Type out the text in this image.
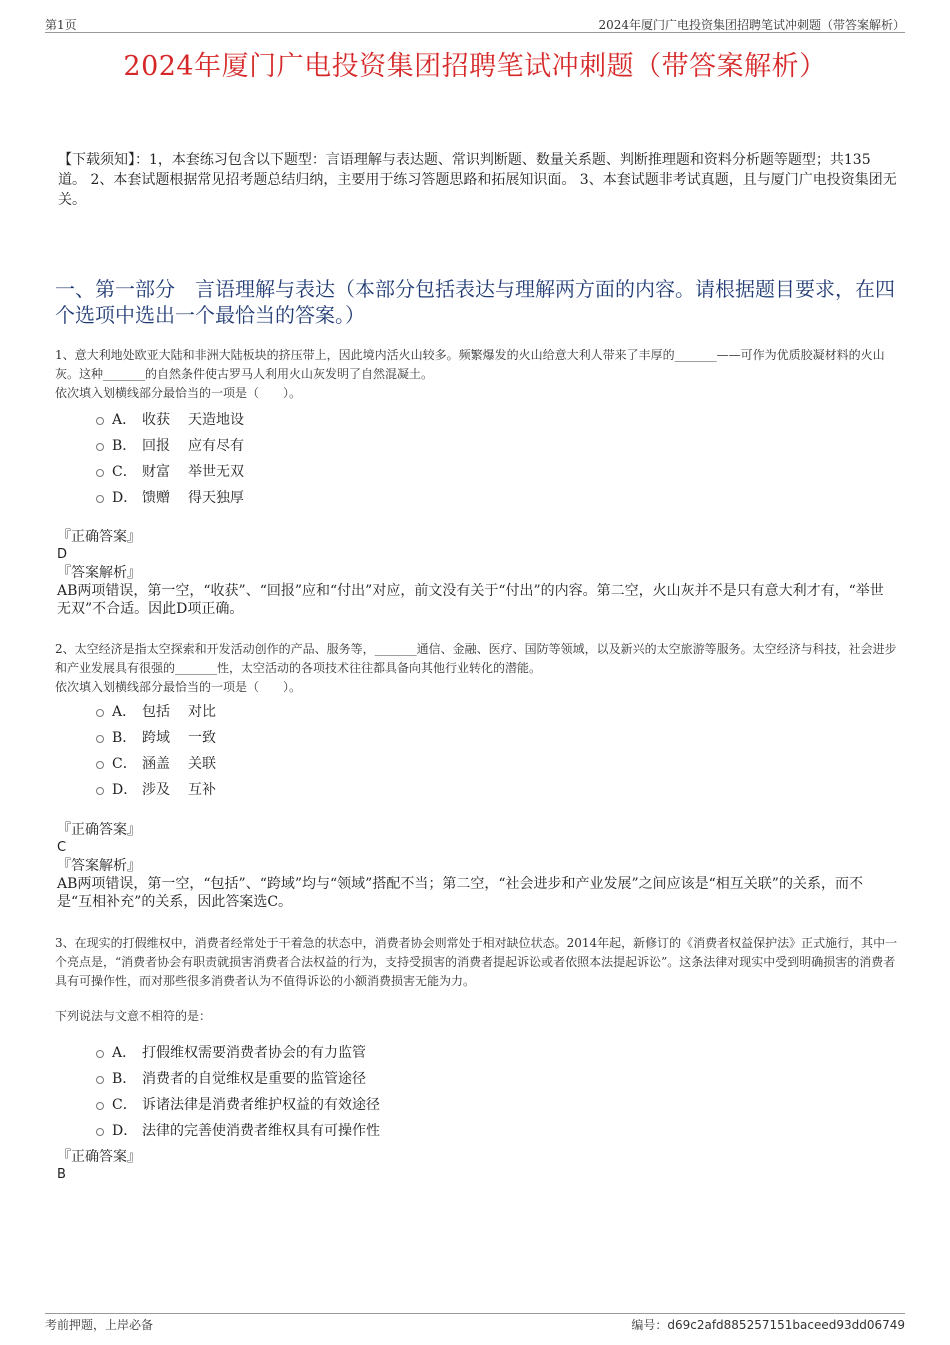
第1页	2024年厦门广电投资集团招聘笔试冲刺题（带答案解析）
2024年厦门广电投资集团招聘笔试冲刺题（带答案解析）
【下载须知】：1，本套练习包含以下题型：言语理解与表达题、常识判断题、数量关系题、判断推理题和资料分析题等题型；共135道。 2、本套试题根据常见招考题总结归纳，主要用于练习答题思路和拓展知识面。 3、本套试题非考试真题，且与厦门广电投资集团无关。
一、第一部分　言语理解与表达（本部分包括表达与理解两方面的内容。请根据题目要求，在四个选项中选出一个最恰当的答案。）
1、意大利地处欧亚大陆和非洲大陆板块的挤压带上，因此境内活火山较多。频繁爆发的火山给意大利人带来了丰厚的_______——可作为优质胶凝材料的火山灰。这种_______的自然条件使古罗马人利用火山灰发明了自然混凝土。
依次填入划横线部分最恰当的一项是（　　）。
A． 收获	天造地设
B． 回报	应有尽有
C． 财富	举世无双
D． 馈赠	得天独厚
『正确答案』
D
『答案解析』
AB两项错误，第一空，“收获”、“回报”应和“付出”对应，前文没有关于“付出”的内容。第二空，火山灰并不是只有意大利才有，“举世无双”不合适。因此D项正确。
2、太空经济是指太空探索和开发活动创作的产品、服务等，_______通信、金融、医疗、国防等领域，以及新兴的太空旅游等服务。太空经济与科技，社会进步和产业发展具有很强的_______性，太空活动的各项技术往往都具备向其他行业转化的潜能。
依次填入划横线部分最恰当的一项是（　　）。
A． 包括	对比
B． 跨域	一致
C． 涵盖	关联
D． 涉及	互补
『正确答案』
C
『答案解析』
AB两项错误，第一空，“包括”、“跨域”均与“领域”搭配不当；第二空，“社会进步和产业发展”之间应该是“相互关联”的关系，而不是“互相补充”的关系，因此答案选C。
3、在现实的打假维权中，消费者经常处于干着急的状态中，消费者协会则常处于相对缺位状态。2014年起，新修订的《消费者权益保护法》正式施行，其中一个亮点是，“消费者协会有职责就损害消费者合法权益的行为，支持受损害的消费者提起诉讼或者依照本法提起诉讼”。这条法律对现实中受到明确损害的消费者具有可操作性，而对那些很多消费者认为不值得诉讼的小额消费损害无能为力。
下列说法与文意不相符的是：
A． 打假维权需要消费者协会的有力监管
B． 消费者的自觉维权是重要的监管途径
C． 诉诸法律是消费者维护权益的有效途径
D． 法律的完善使消费者维权具有可操作性
『正确答案』
B
考前押题，上岸必备	编号：d69c2afd885257151baceed93dd06749
